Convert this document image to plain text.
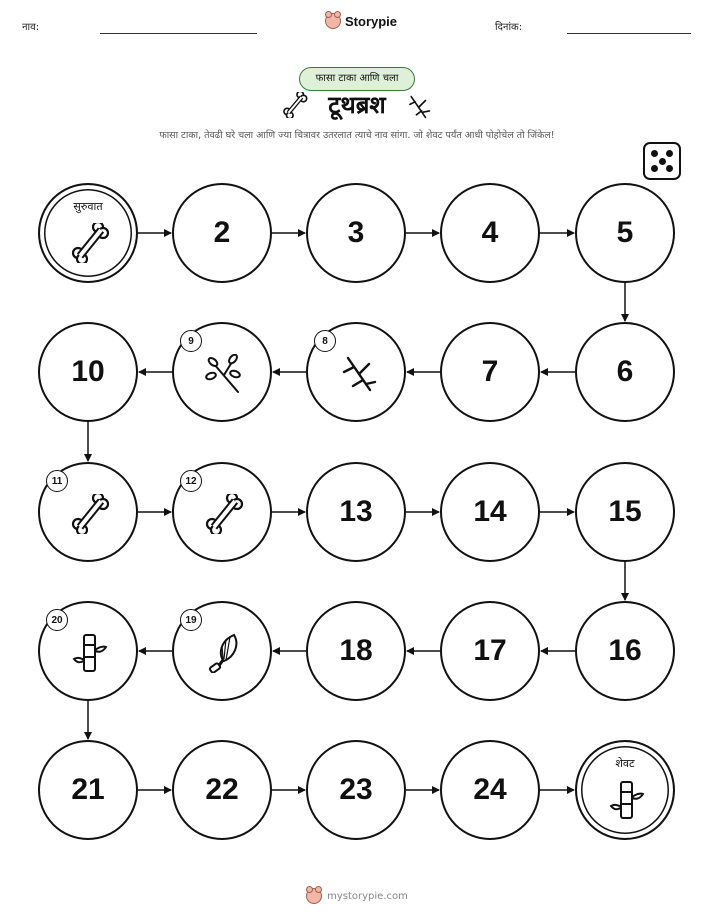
नाव:	Storypie	दिनांक:
फासा टाका आणि चला
टूथब्रश
फासा टाका, तेवढी घरे चला आणि ज्या चित्रावर उतरलात त्याचे नाव सांगा. जो शेवट पर्यंत आधी पोहोचेल तो जिंकेल!
सुरुवात
2	3	4	5
6
7
8
9
10
11	12
13	14	15
16
17
18
19
20
21	22	23	24
शेवट
mystorypie.com
